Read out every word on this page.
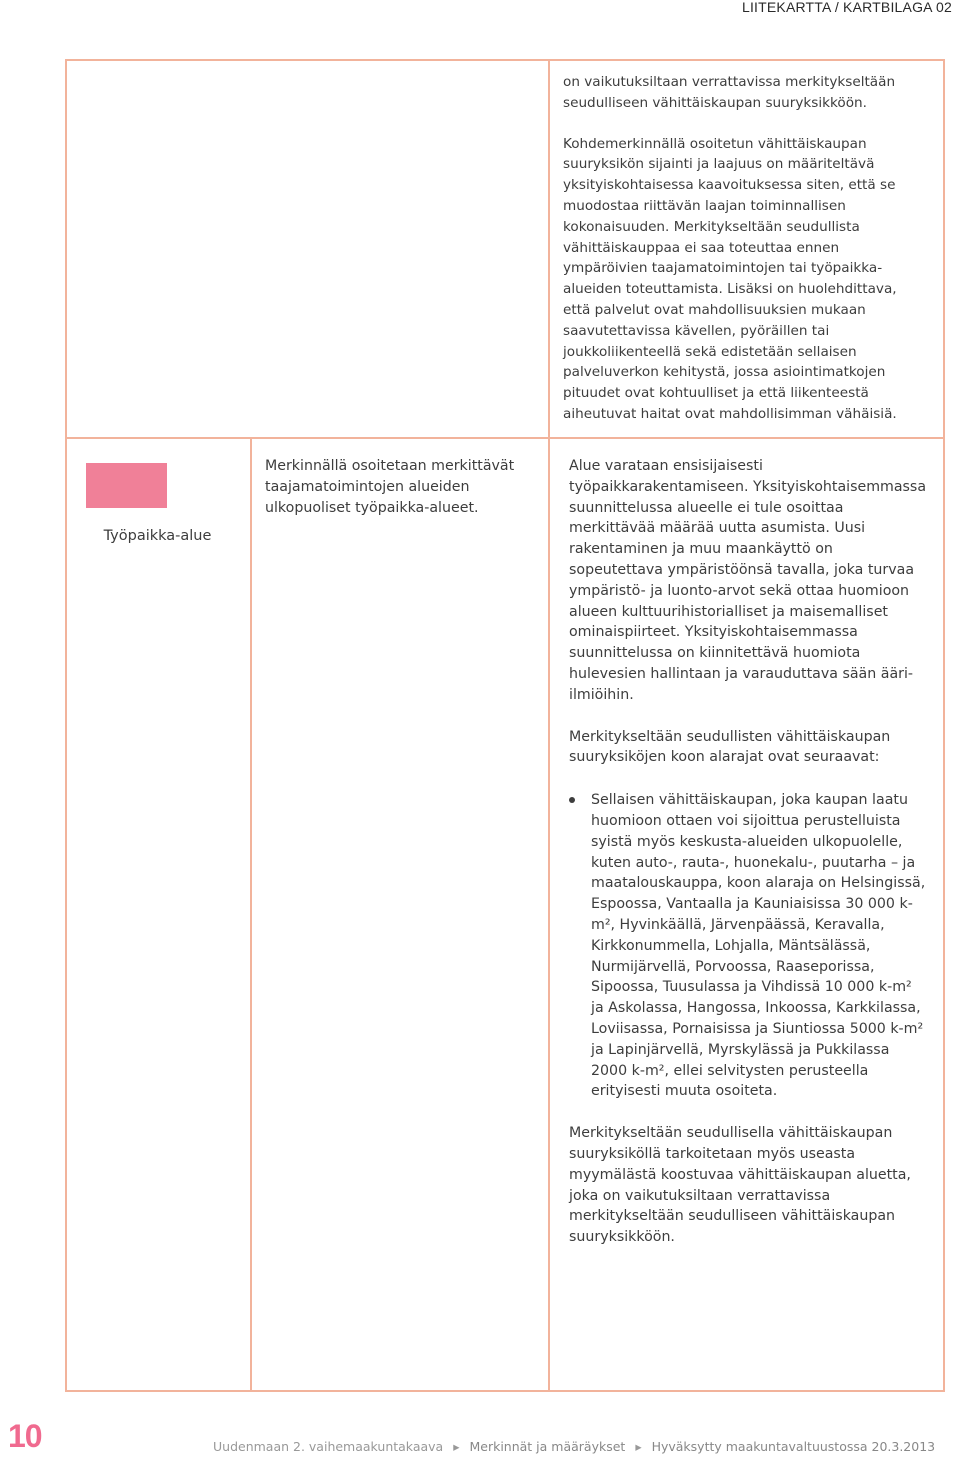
LIITEKARTTA / KARTBILAGA 02

on vaikutuksiltaan verrattavissa merkitykseltään seudulliseen vähittäiskaupan suuryksikköön.

Kohdemerkinnällä osoitetun vähittäiskaupan suuryksikön sijainti ja laajuus on määriteltävä yksityiskohtaisessa kaavoituksessa siten, että se muodostaa riittävän laajan toiminnallisen kokonaisuuden. Merkitykseltään seudullista vähittäiskauppaa ei saa toteuttaa ennen ympäröivien taajamatoimintojen tai työpaikka-alueiden toteuttamista. Lisäksi on huolehdittava, että palvelut ovat mahdollisuuksien mukaan saavutettavissa kävellen, pyöräillen tai joukkoliikenteellä sekä edistetään sellaisen palveluverkon kehitystä, jossa asiointimatkojen pituudet ovat kohtuulliset ja että liikenteestä aiheutuvat haitat ovat mahdollisimman vähäisiä.

Työpaikka-alue

Merkinnällä osoitetaan merkittävät taajamatoimintojen alueiden ulkopuoliset työpaikka-alueet.

Alue varataan ensisijaisesti työpaikkarakentamiseen. Yksityiskohtaisemmassa suunnittelussa alueelle ei tule osoittaa merkittävää määrää uutta asumista. Uusi rakentaminen ja muu maankäyttö on sopeutettava ympäristöönsä tavalla, joka turvaa ympäristö- ja luonto-arvot sekä ottaa huomioon alueen kulttuurihistorialliset ja maisemalliset ominaispiirteet. Yksityiskohtaisemmassa suunnittelussa on kiinnitettävä huomiota hulevesien hallintaan ja varauduttava sään ääri-ilmiöihin.

Merkitykseltään seudullisten vähittäiskaupan suuryksiköjen koon alarajat ovat seuraavat:

Sellaisen vähittäiskaupan, joka kaupan laatu huomioon ottaen voi sijoittua perustelluista syistä myös keskusta-alueiden ulkopuolelle, kuten auto-, rauta-, huonekalu-, puutarha – ja maatalouskauppa, koon alaraja on Helsingissä, Espoossa, Vantaalla ja Kauniaisissa 30 000 k-m², Hyvinkäällä, Järvenpäässä, Keravalla, Kirkkonummella, Lohjalla, Mäntsälässä, Nurmijärvellä, Porvoossa, Raaseporissa, Sipoossa, Tuusulassa ja Vihdissä 10 000 k-m² ja Askolassa, Hangossa, Inkoossa, Karkkilassa, Loviisassa, Pornaisissa ja Siuntiossa 5000 k-m² ja Lapinjärvellä, Myrskylässä ja Pukkilassa 2000 k-m², ellei selvitysten perusteella erityisesti muuta osoiteta.

Merkitykseltään seudullisella vähittäiskaupan suuryksiköllä tarkoitetaan myös useasta myymälästä koostuvaa vähittäiskaupan aluetta, joka on vaikutuksiltaan verrattavissa merkitykseltään seudulliseen vähittäiskaupan suuryksikköön.

10	Uudenmaan 2. vaihemaakuntakaava ▸ Merkinnät ja määräykset ▸ Hyväksytty maakuntavaltuustossa 20.3.2013
